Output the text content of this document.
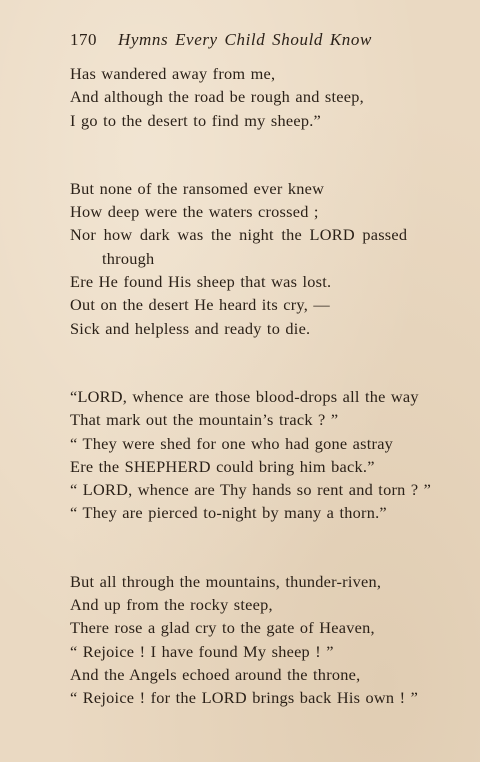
170 Hymns Every Child Should Know
Has wandered away from me,
And although the road be rough and steep,
I go to the desert to find my sheep.”
But none of the ransomed ever knew
How deep were the waters crossed ;
Nor how dark was the night the LORD passed
through
Ere He found His sheep that was lost.
Out on the desert He heard its cry, —
Sick and helpless and ready to die.
“LORD, whence are those blood-drops all the way
That mark out the mountain’s track ? ”
“ They were shed for one who had gone astray
Ere the SHEPHERD could bring him back.”
“ LORD, whence are Thy hands so rent and torn ? ”
“ They are pierced to-night by many a thorn.”
But all through the mountains, thunder-riven,
And up from the rocky steep,
There rose a glad cry to the gate of Heaven,
“ Rejoice ! I have found My sheep ! ”
And the Angels echoed around the throne,
“ Rejoice ! for the LORD brings back His own ! ”
